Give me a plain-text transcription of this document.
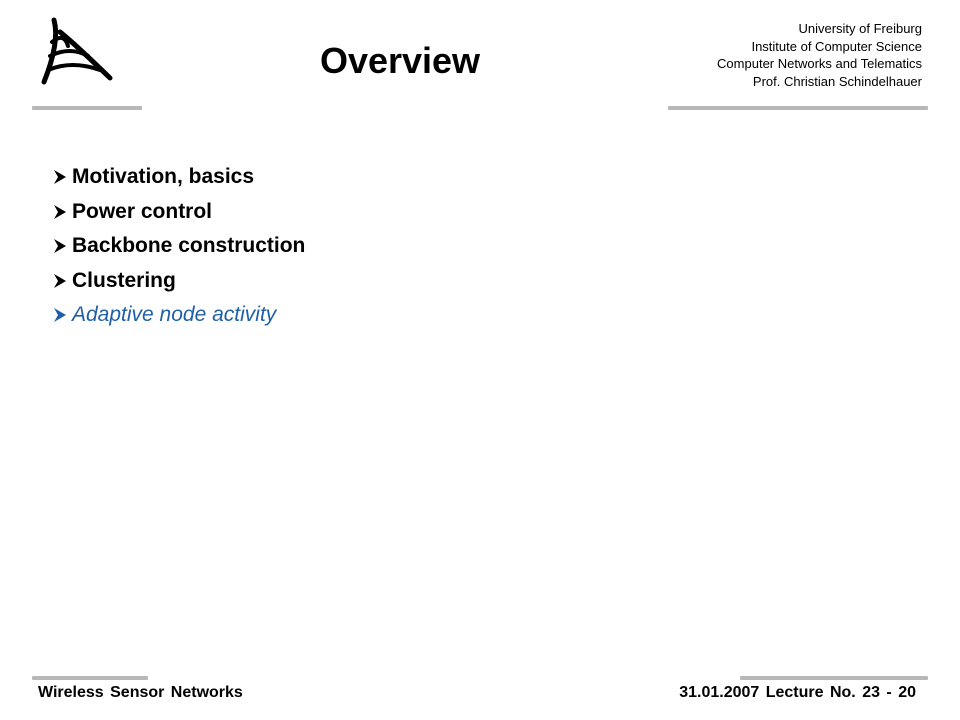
Overview
University of Freiburg
Institute of Computer Science
Computer Networks and Telematics
Prof. Christian Schindelhauer
Motivation, basics
Power control
Backbone construction
Clustering
Adaptive node activity
Wireless Sensor Networks	31.01.2007 Lecture No. 23 - 20
